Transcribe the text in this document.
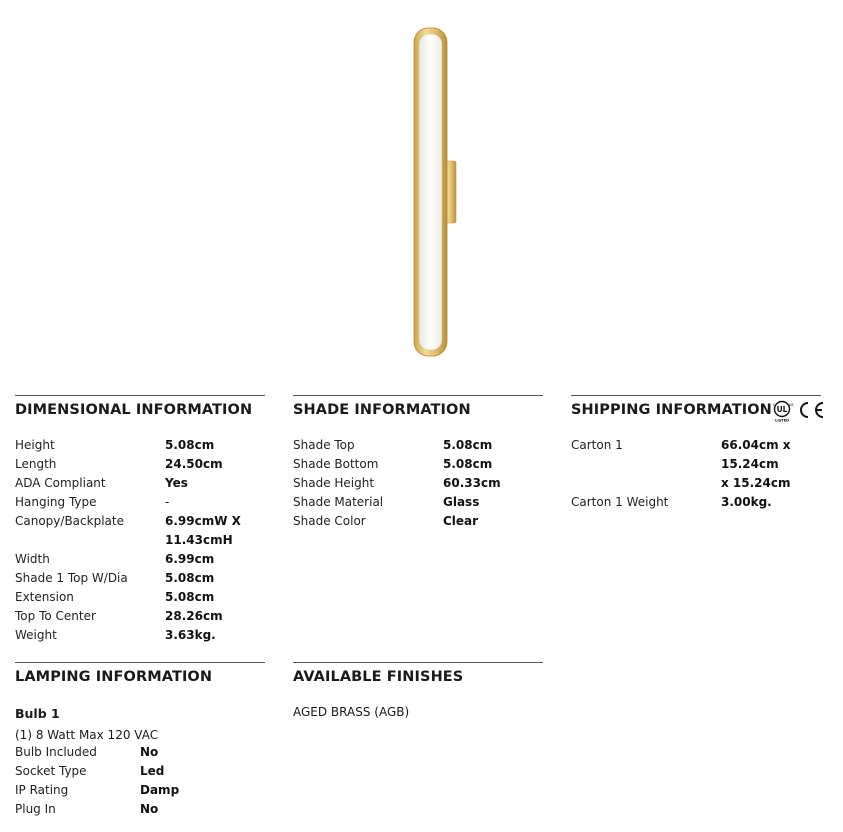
DIMENSIONAL INFORMATION
Height	5.08cm
Length	24.50cm
ADA Compliant	Yes
Hanging Type	-
Canopy/Backplate	6.99cmW X
11.43cmH
Width	6.99cm
Shade 1 Top W/Dia	5.08cm
Extension	5.08cm
Top To Center	28.26cm
Weight	3.63kg.
SHADE INFORMATION
Shade Top	5.08cm
Shade Bottom	5.08cm
Shade Height	60.33cm
Shade Material	Glass
Shade Color	Clear
SHIPPING INFORMATION UL
c	us
LISTED
Carton 1	66.04cm x 15.24cm
x 15.24cm
Carton 1 Weight	3.00kg.
LAMPING INFORMATION
Bulb 1
(1) 8 Watt Max 120 VAC
Bulb Included	No
Socket Type	Led
IP Rating	Damp
Plug In	No
AVAILABLE FINISHES
AGED BRASS (AGB)
